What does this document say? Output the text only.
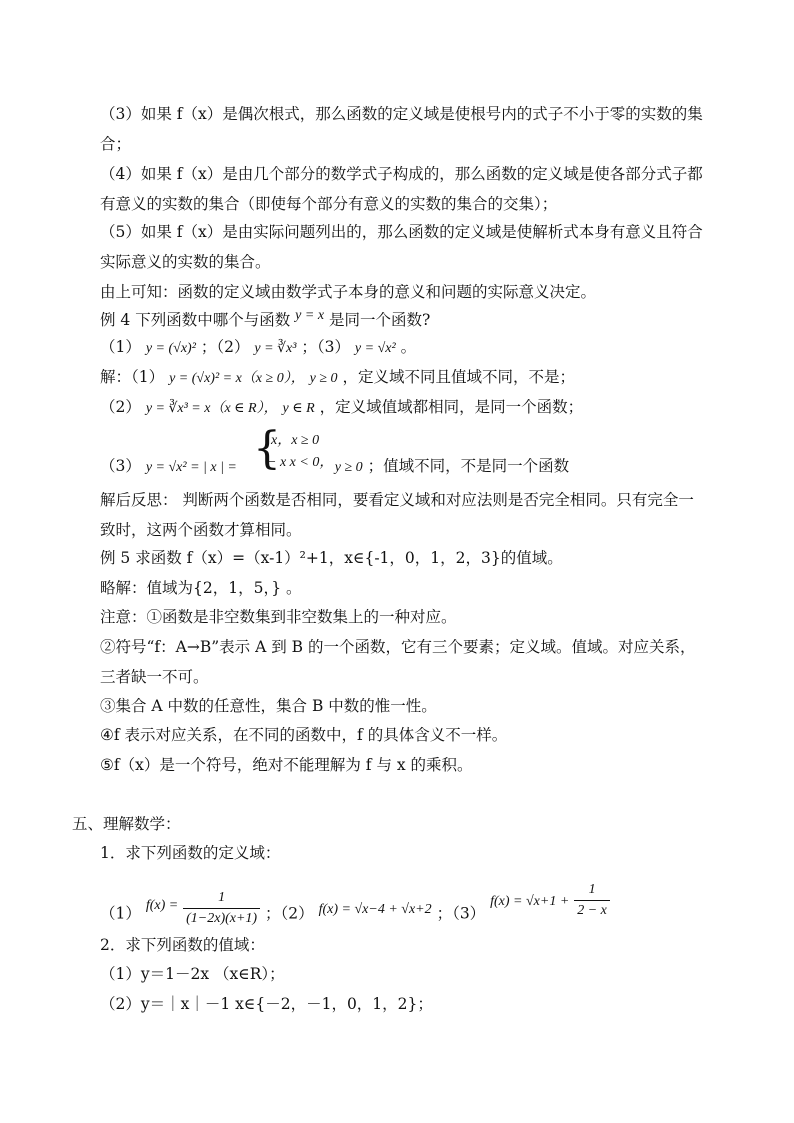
（3）如果 f（x）是偶次根式，那么函数的定义域是使根号内的式子不小于零的实数的集
合；
（4）如果 f（x）是由几个部分的数学式子构成的，那么函数的定义域是使各部分式子都
有意义的实数的集合（即使每个部分有意义的实数的集合的交集）；
（5）如果 f（x）是由实际问题列出的，那么函数的定义域是使解析式本身有意义且符合
实际意义的实数的集合。
由上可知：函数的定义域由数学式子本身的意义和问题的实际意义决定。
例 4 下列函数中哪个与函数 y = x 是同一个函数?
（1） y = (√x)² ；（2） y = ∛x³ ；（3） y = √x² 。
解：（1） y = (√x)² = x（x ≥ 0）， y ≥ 0 ，定义域不同且值域不同，不是；
（2） y = ∛x³ = x（x ∈ R）， y ∈ R ，定义域值域都相同，是同一个函数；
{
x，x ≥ 0
− x x < 0，
（3） y = √x² = | x | =	y ≥ 0 ；值域不同，不是同一个函数
解后反思： 判断两个函数是否相同，要看定义域和对应法则是否完全相同。只有完全一
致时，这两个函数才算相同。
例 5 求函数 f（x）=（x-1）²+1，x∈{-1，0，1，2，3}的值域。
略解：值域为{2，1，5，} 。
注意：①函数是非空数集到非空数集上的一种对应。
②符号“f：A→B”表示 A 到 B 的一个函数，它有三个要素；定义域。值域。对应关系，
三者缺一不可。
③集合 A 中数的任意性，集合 B 中数的惟一性。
④f 表示对应关系，在不同的函数中，f 的具体含义不一样。
⑤f（x）是一个符号，绝对不能理解为 f 与 x 的乘积。
五、理解数学：
1．求下列函数的定义域：
（1） $f(x) = \frac{1}{(1-2x)(x+1)}$ ；（2） f(x) = √x−4 + √x+2 ；（3） $f(x) = √x+1 + \frac{1}{2 - x}$
2．求下列函数的值域：
（1）y＝1－2x （x∈R）；
（2）y＝｜x｜－1 x∈{－2，－1，0，1，2}；
